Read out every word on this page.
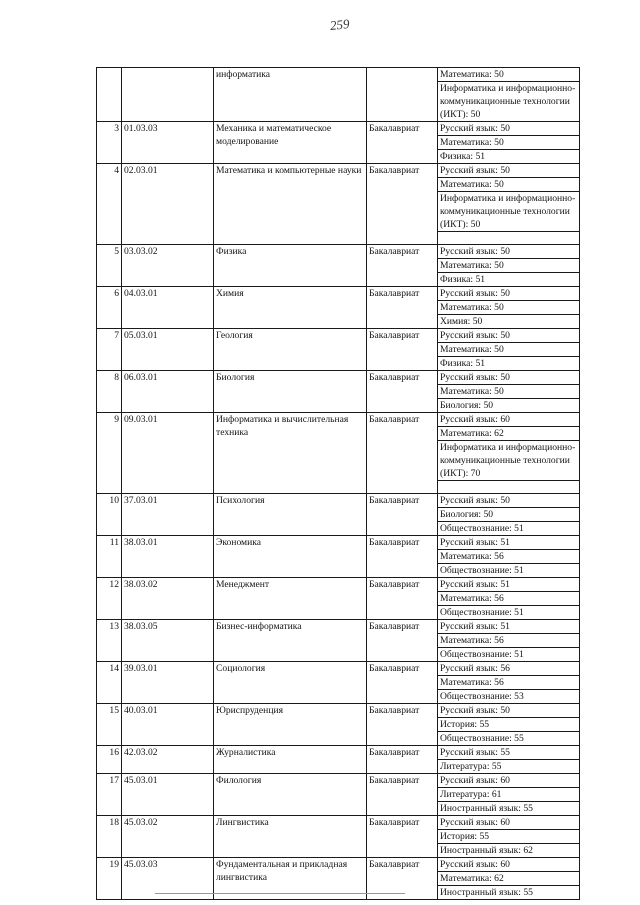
259
		информатика		Математика: 50
				Информатика и информационно-коммуникационные технологии (ИКТ): 50
3	01.03.03	Механика и математическое моделирование	Бакалавриат	Русский язык: 50
				Математика: 50
				Физика: 51
4	02.03.01	Математика и компьютерные науки	Бакалавриат	Русский язык: 50
				Математика: 50
				Информатика и информационно-коммуникационные технологии (ИКТ): 50

5	03.03.02	Физика	Бакалавриат	Русский язык: 50
				Математика: 50
				Физика: 51
6	04.03.01	Химия	Бакалавриат	Русский язык: 50
				Математика: 50
				Химия: 50
7	05.03.01	Геология	Бакалавриат	Русский язык: 50
				Математика: 50
				Физика: 51
8	06.03.01	Биология	Бакалавриат	Русский язык: 50
				Математика: 50
				Биология: 50
9	09.03.01	Информатика и вычислительная техника	Бакалавриат	Русский язык: 60
				Математика: 62
				Информатика и информационно-коммуникационные технологии (ИКТ): 70

10	37.03.01	Психология	Бакалавриат	Русский язык: 50
				Биология: 50
				Обществознание: 51
11	38.03.01	Экономика	Бакалавриат	Русский язык: 51
				Математика: 56
				Обществознание: 51
12	38.03.02	Менеджмент	Бакалавриат	Русский язык: 51
				Математика: 56
				Обществознание: 51
13	38.03.05	Бизнес-информатика	Бакалавриат	Русский язык: 51
				Математика: 56
				Обществознание: 51
14	39.03.01	Социология	Бакалавриат	Русский язык: 56
				Математика: 56
				Обществознание: 53
15	40.03.01	Юриспруденция	Бакалавриат	Русский язык: 50
				История: 55
				Обществознание: 55
16	42.03.02	Журналистика	Бакалавриат	Русский язык: 55
				Литература: 55
17	45.03.01	Филология	Бакалавриат	Русский язык: 60
				Литература: 61
				Иностранный язык: 55
18	45.03.02	Лингвистика	Бакалавриат	Русский язык: 60
				История: 55
				Иностранный язык: 62
19	45.03.03	Фундаментальная и прикладная лингвистика	Бакалавриат	Русский язык: 60
				Математика: 62
				Иностранный язык: 55
